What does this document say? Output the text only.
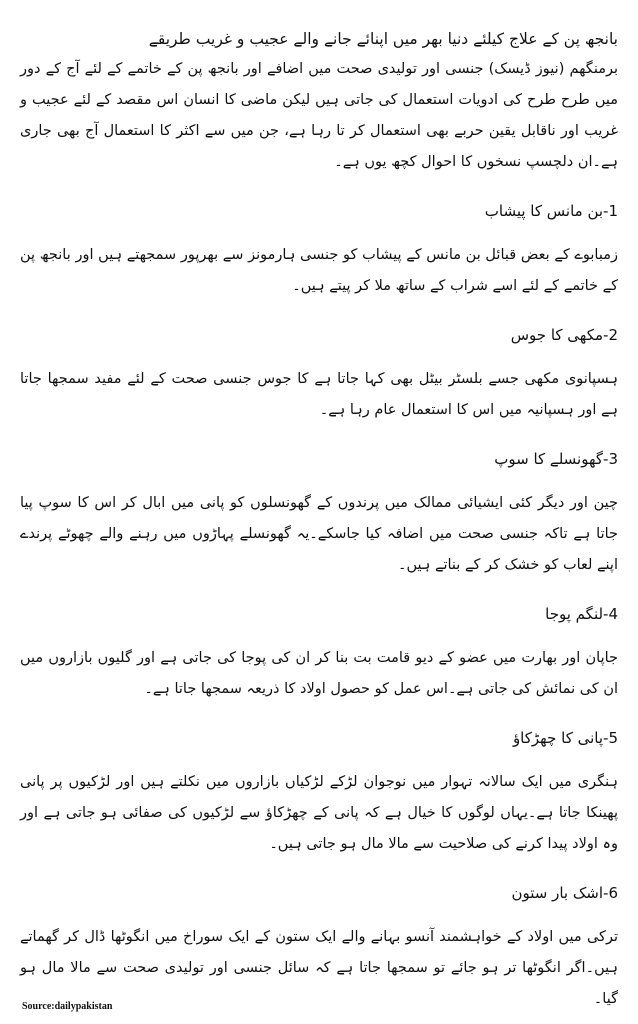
بانجھ پن کے علاج کیلئے دنیا بھر میں اپنائے جانے والے عجیب و غریب طریقے

برمنگھم (نیوز ڈیسک) جنسی اور تولیدی صحت میں اضافے اور بانجھ پن کے خاتمے کے لئے آج کے دور میں طرح طرح کی ادویات استعمال کی جاتی ہیں لیکن ماضی کا انسان اس مقصد کے لئے عجیب و غریب اور ناقابل یقین حربے بھی استعمال کر تا رہا ہے، جن میں سے اکثر کا استعمال آج بھی جاری ہے۔ان دلچسپ نسخوں کا احوال کچھ یوں ہے۔

1-بن مانس کا پیشاب

زمبابوے کے بعض قبائل بن مانس کے پیشاب کو جنسی ہارمونز سے بھرپور سمجھتے ہیں اور بانجھ پن کے خاتمے کے لئے اسے شراب کے ساتھ ملا کر پیتے ہیں۔

2-مکھی کا جوس

ہسپانوی مکھی جسے بلسٹر بیٹل بھی کہا جاتا ہے کا جوس جنسی صحت کے لئے مفید سمجھا جاتا ہے اور ہسپانیہ میں اس کا استعمال عام رہا ہے۔

3-گھونسلے کا سوپ

چین اور دیگر کئی ایشیائی ممالک میں پرندوں کے گھونسلوں کو پانی میں ابال کر اس کا سوپ پیا جاتا ہے تاکہ جنسی صحت میں اضافہ کیا جاسکے۔یہ گھونسلے پہاڑوں میں رہنے والے چھوٹے پرندے اپنے لعاب کو خشک کر کے بناتے ہیں۔

4-لنگم پوجا

جاپان اور بھارت میں عضو کے دیو قامت بت بنا کر ان کی پوجا کی جاتی ہے اور گلیوں بازاروں میں ان کی نمائش کی جاتی ہے۔اس عمل کو حصول اولاد کا ذریعہ سمجھا جاتا ہے۔

5-پانی کا چھڑکاؤ

ہنگری میں ایک سالانہ تہوار میں نوجوان لڑکے لڑکیاں بازاروں میں نکلتے ہیں اور لڑکیوں پر پانی پھینکا جاتا ہے۔یہاں لوگوں کا خیال ہے کہ پانی کے چھڑکاؤ سے لڑکیوں کی صفائی ہو جاتی ہے اور وہ اولاد پیدا کرنے کی صلاحیت سے مالا مال ہو جاتی ہیں۔

6-اشک بار ستون

ترکی میں اولاد کے خواہشمند آنسو بہانے والے ایک ستون کے ایک سوراخ میں انگوٹھا ڈال کر گھماتے ہیں۔اگر انگوٹھا تر ہو جائے تو سمجھا جاتا ہے کہ سائل جنسی اور تولیدی صحت سے مالا مال ہو گیا۔

Source:dailypakistan
